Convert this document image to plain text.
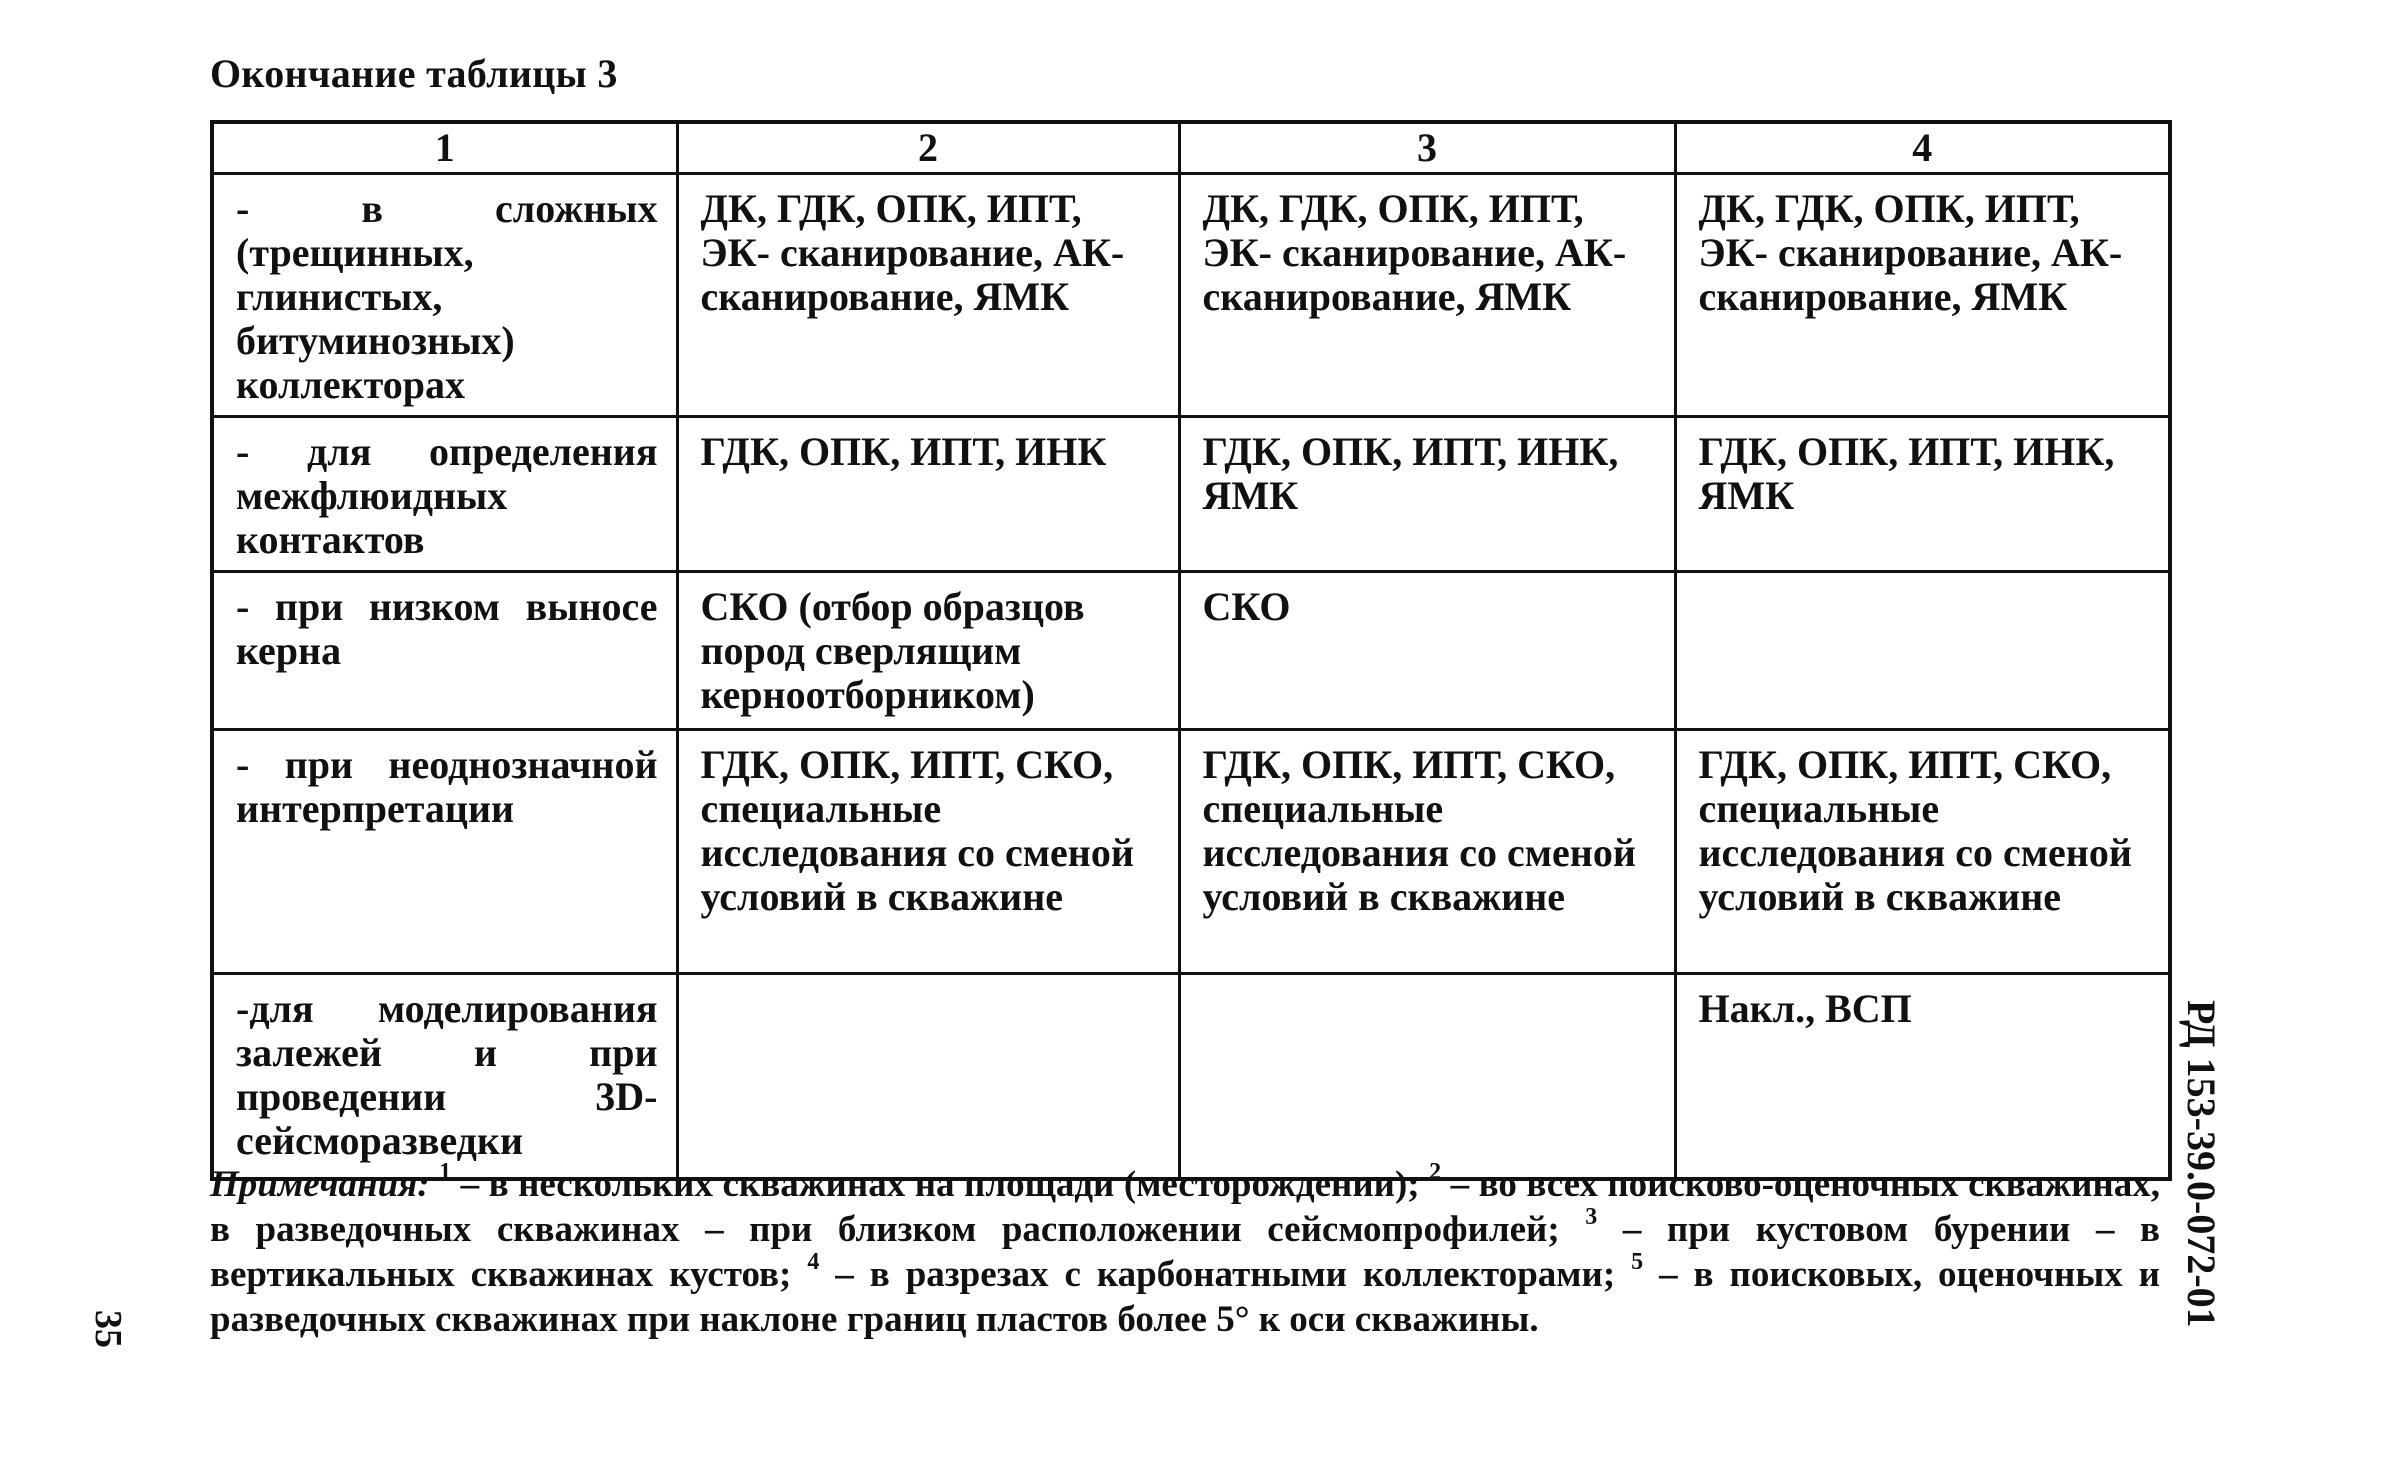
Окончание таблицы 3
1	2	3	4
- в сложных (трещинных, глинистых, битуминозных) коллекторах	ДК, ГДК, ОПК, ИПТ, ЭК- сканирование, АК- сканирование, ЯМК	ДК, ГДК, ОПК, ИПТ, ЭК- сканирование, АК- сканирование, ЯМК	ДК, ГДК, ОПК, ИПТ, ЭК- сканирование, АК- сканирование, ЯМК
- для определения межфлюидных контактов	ГДК, ОПК, ИПТ, ИНК	ГДК, ОПК, ИПТ, ИНК, ЯМК	ГДК, ОПК, ИПТ, ИНК, ЯМК
- при низком выносе керна	СКО (отбор образцов пород сверлящим керноотборником)	СКО	
- при неоднозначной интерпретации	ГДК, ОПК, ИПТ, СКО, специальные исследования со сменой условий в скважине	ГДК, ОПК, ИПТ, СКО, специальные исследования со сменой условий в скважине	ГДК, ОПК, ИПТ, СКО, специальные исследования со сменой условий в скважине
-для моделирования залежей и при проведении 3D-сейсморазведки			Накл., ВСП
Примечания: $^1$ – в нескольких скважинах на площади (месторождении); $^2$ – во всех поисково-оценочных скважинах, в разведочных скважинах – при близком расположении сейсмопрофилей; $^3$ – при кустовом бурении – в вертикальных скважинах кустов; $^4$ – в разрезах с карбонатными коллекторами; $^5$ – в поисковых, оценочных и разведочных скважинах при наклоне границ пластов более 5° к оси скважины.	РД 153-39.0-072-01
35
